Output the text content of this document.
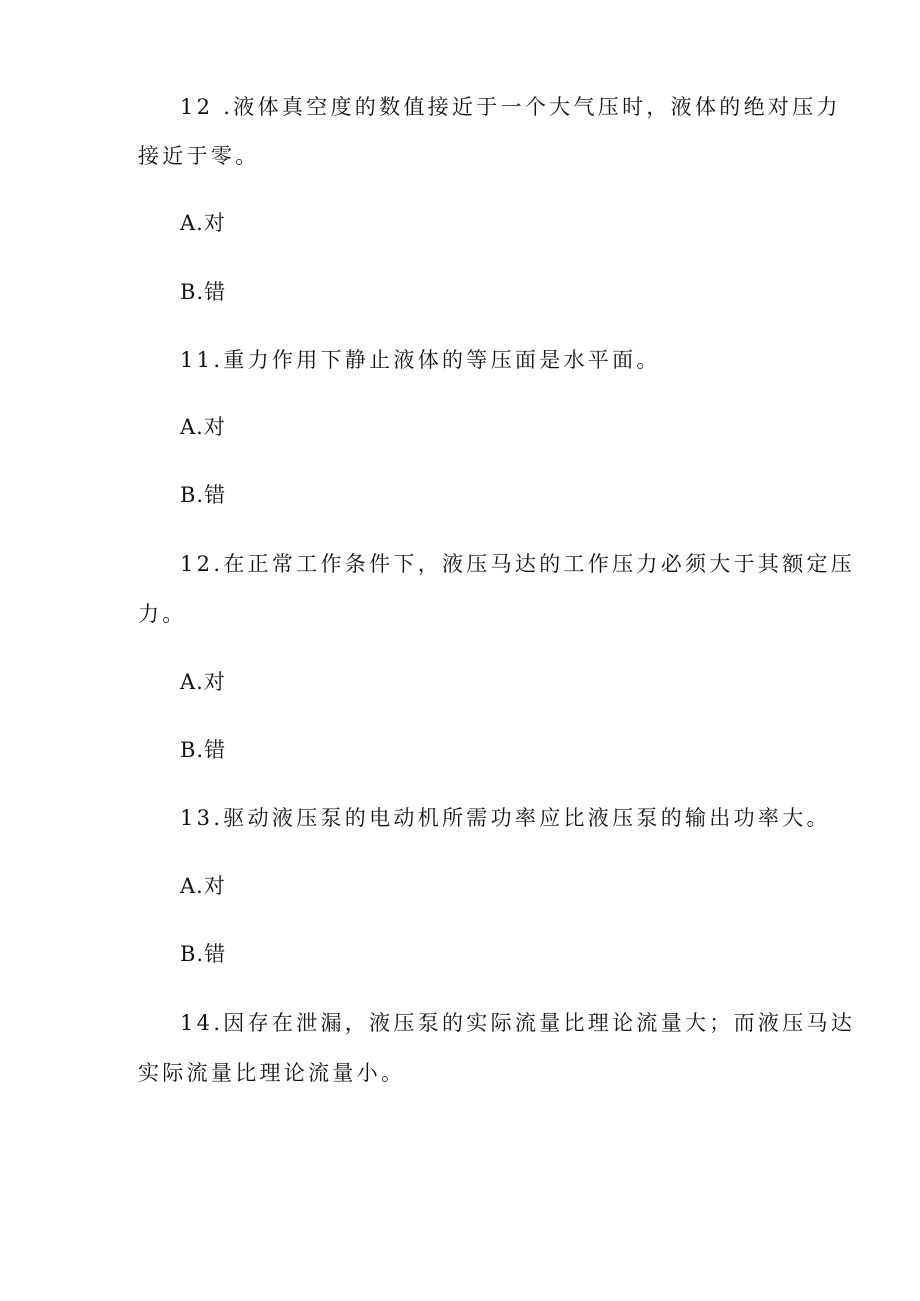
12 .液体真空度的数值接近于一个大气压时，液体的绝对压力
接近于零。
A.对
B.错
11.重力作用下静止液体的等压面是水平面。
A.对
B.错
12.在正常工作条件下，液压马达的工作压力必须大于其额定压
力。
A.对
B.错
13.驱动液压泵的电动机所需功率应比液压泵的输出功率大。
A.对
B.错
14.因存在泄漏，液压泵的实际流量比理论流量大；而液压马达
实际流量比理论流量小。
